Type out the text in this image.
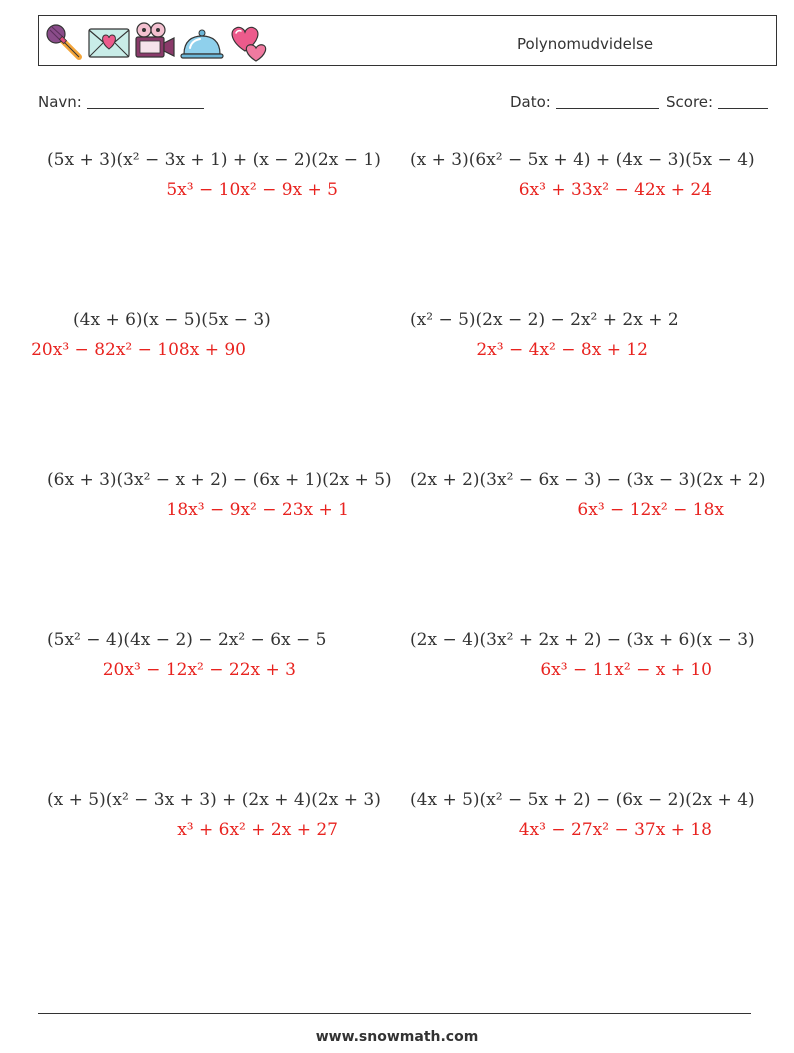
Polynomudvidelse
Navn:	Dato:	Score:
(5x + 3)(x² − 3x + 1) + (x − 2)(2x − 1)
5x³ − 10x² − 9x + 5
(4x + 6)(x − 5)(5x − 3)
20x³ − 82x² − 108x + 90
(6x + 3)(3x² − x + 2) − (6x + 1)(2x + 5)
18x³ − 9x² − 23x + 1
(5x² − 4)(4x − 2) − 2x² − 6x − 5
20x³ − 12x² − 22x + 3
(x + 5)(x² − 3x + 3) + (2x + 4)(2x + 3)
x³ + 6x² + 2x + 27
(x + 3)(6x² − 5x + 4) + (4x − 3)(5x − 4)
6x³ + 33x² − 42x + 24
(x² − 5)(2x − 2) − 2x² + 2x + 2
2x³ − 4x² − 8x + 12
(2x + 2)(3x² − 6x − 3) − (3x − 3)(2x + 2)
6x³ − 12x² − 18x
(2x − 4)(3x² + 2x + 2) − (3x + 6)(x − 3)
6x³ − 11x² − x + 10
(4x + 5)(x² − 5x + 2) − (6x − 2)(2x + 4)
4x³ − 27x² − 37x + 18
www.snowmath.com
